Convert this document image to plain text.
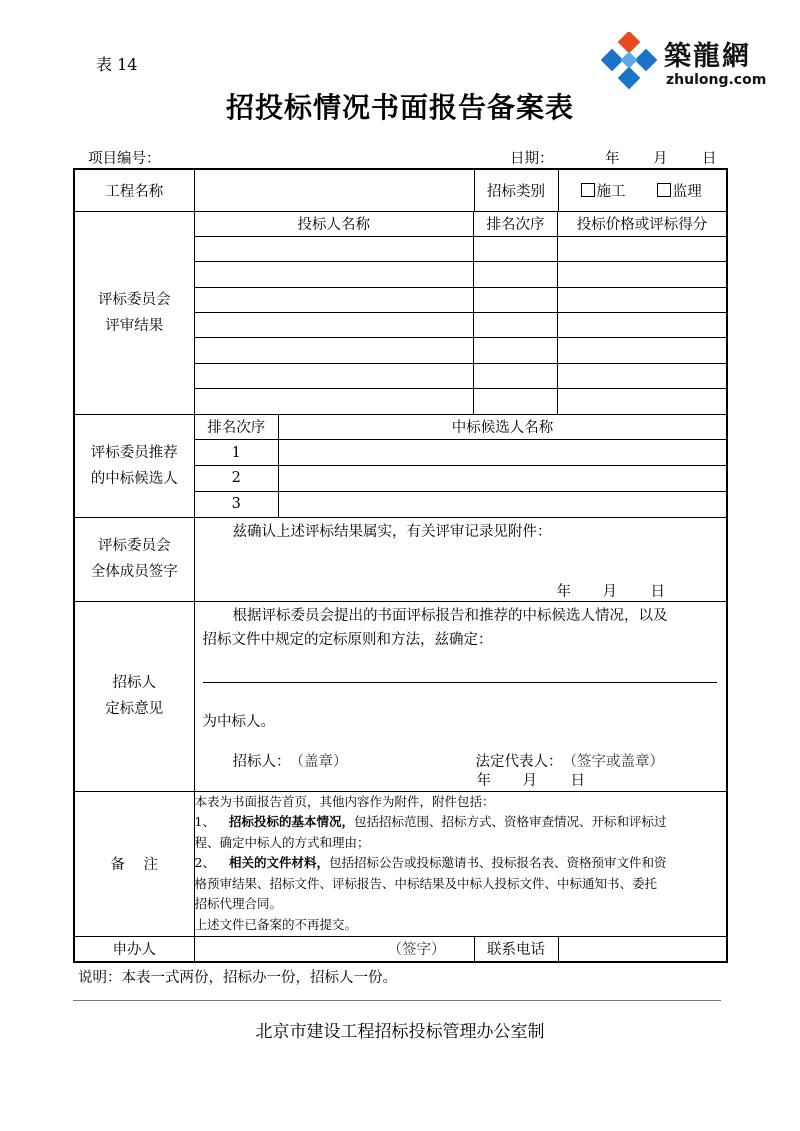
表 14	築龍網
zhulong.com
招投标情况书面报告备案表
项目编号：	日期：	年 月 日
工程名称		招标类别	施工	监理

评标委员会
评审结果

投标人名称	排名次序	投标价格或评标得分

评标委员推荐
的中标候选人

排名次序	中标候选人名称
1	
2	
3	

评标委员会
全体成员签字

兹确认上述评标结果属实，有关评审记录见附件：
年 月 日

招标人
定标意见

根据评标委员会提出的书面评标报告和推荐的中标候选人情况，以及
招标文件中规定的定标原则和方法，兹确定：
为中标人。
招标人： （盖章）	法定代表人： （签字或盖章）
年 月 日

备    注	
本表为书面报告首页，其他内容作为附件，附件包括：
1、 招标投标的基本情况，包括招标范围、招标方式、资格审查情况、开标和评标过
程、确定中标人的方式和理由；
2、 相关的文件材料，包括招标公告或投标邀请书、投标报名表、资格预审文件和资
格预审结果、招标文件、评标报告、中标结果及中标人投标文件、中标通知书、委托
招标代理合同。
上述文件已备案的不再提交。

申办人	（签字）	联系电话	
说明：本表一式两份，招标办一份，招标人一份。
北京市建设工程招标投标管理办公室制
